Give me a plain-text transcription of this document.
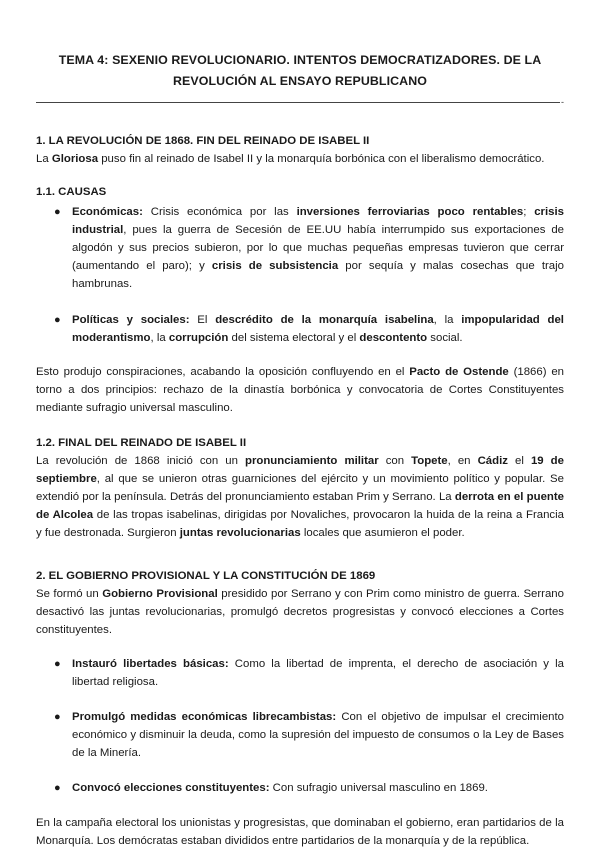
TEMA 4: SEXENIO REVOLUCIONARIO. INTENTOS DEMOCRATIZADORES. DE LA REVOLUCIÓN AL ENSAYO REPUBLICANO
-
1. LA REVOLUCIÓN DE 1868. FIN DEL REINADO DE ISABEL II

La Gloriosa puso fin al reinado de Isabel II y la monarquía borbónica con el liberalismo democrático.

1.1. CAUSAS
● Económicas: Crisis económica por las inversiones ferroviarias poco rentables; crisis industrial, pues la guerra de Secesión de EE.UU había interrumpido sus exportaciones de algodón y sus precios subieron, por lo que muchas pequeñas empresas tuvieron que cerrar (aumentando el paro); y crisis de subsistencia por sequía y malas cosechas que trajo hambrunas.
● Políticas y sociales: El descrédito de la monarquía isabelina, la impopularidad del moderantismo, la corrupción del sistema electoral y el descontento social.

Esto produjo conspiraciones, acabando la oposición confluyendo en el Pacto de Ostende (1866) en torno a dos principios: rechazo de la dinastía borbónica y convocatoria de Cortes Constituyentes mediante sufragio universal masculino.

1.2. FINAL DEL REINADO DE ISABEL II

La revolución de 1868 inició con un pronunciamiento militar con Topete, en Cádiz el 19 de septiembre, al que se unieron otras guarniciones del ejército y un movimiento político y popular. Se extendió por la península. Detrás del pronunciamiento estaban Prim y Serrano. La derrota en el puente de Alcolea de las tropas isabelinas, dirigidas por Novaliches, provocaron la huida de la reina a Francia y fue destronada. Surgieron juntas revolucionarias locales que asumieron el poder.

2. EL GOBIERNO PROVISIONAL Y LA CONSTITUCIÓN DE 1869

Se formó un Gobierno Provisional presidido por Serrano y con Prim como ministro de guerra. Serrano desactivó las juntas revolucionarias, promulgó decretos progresistas y convocó elecciones a Cortes constituyentes.

● Instauró libertades básicas: Como la libertad de imprenta, el derecho de asociación y la libertad religiosa.
● Promulgó medidas económicas librecambistas: Con el objetivo de impulsar el crecimiento económico y disminuir la deuda, como la supresión del impuesto de consumos o la Ley de Bases de la Minería.
● Convocó elecciones constituyentes: Con sufragio universal masculino en 1869.

En la campaña electoral los unionistas y progresistas, que dominaban el gobierno, eran partidarios de la Monarquía. Los demócratas estaban divididos entre partidarios de la monarquía y de la república.
